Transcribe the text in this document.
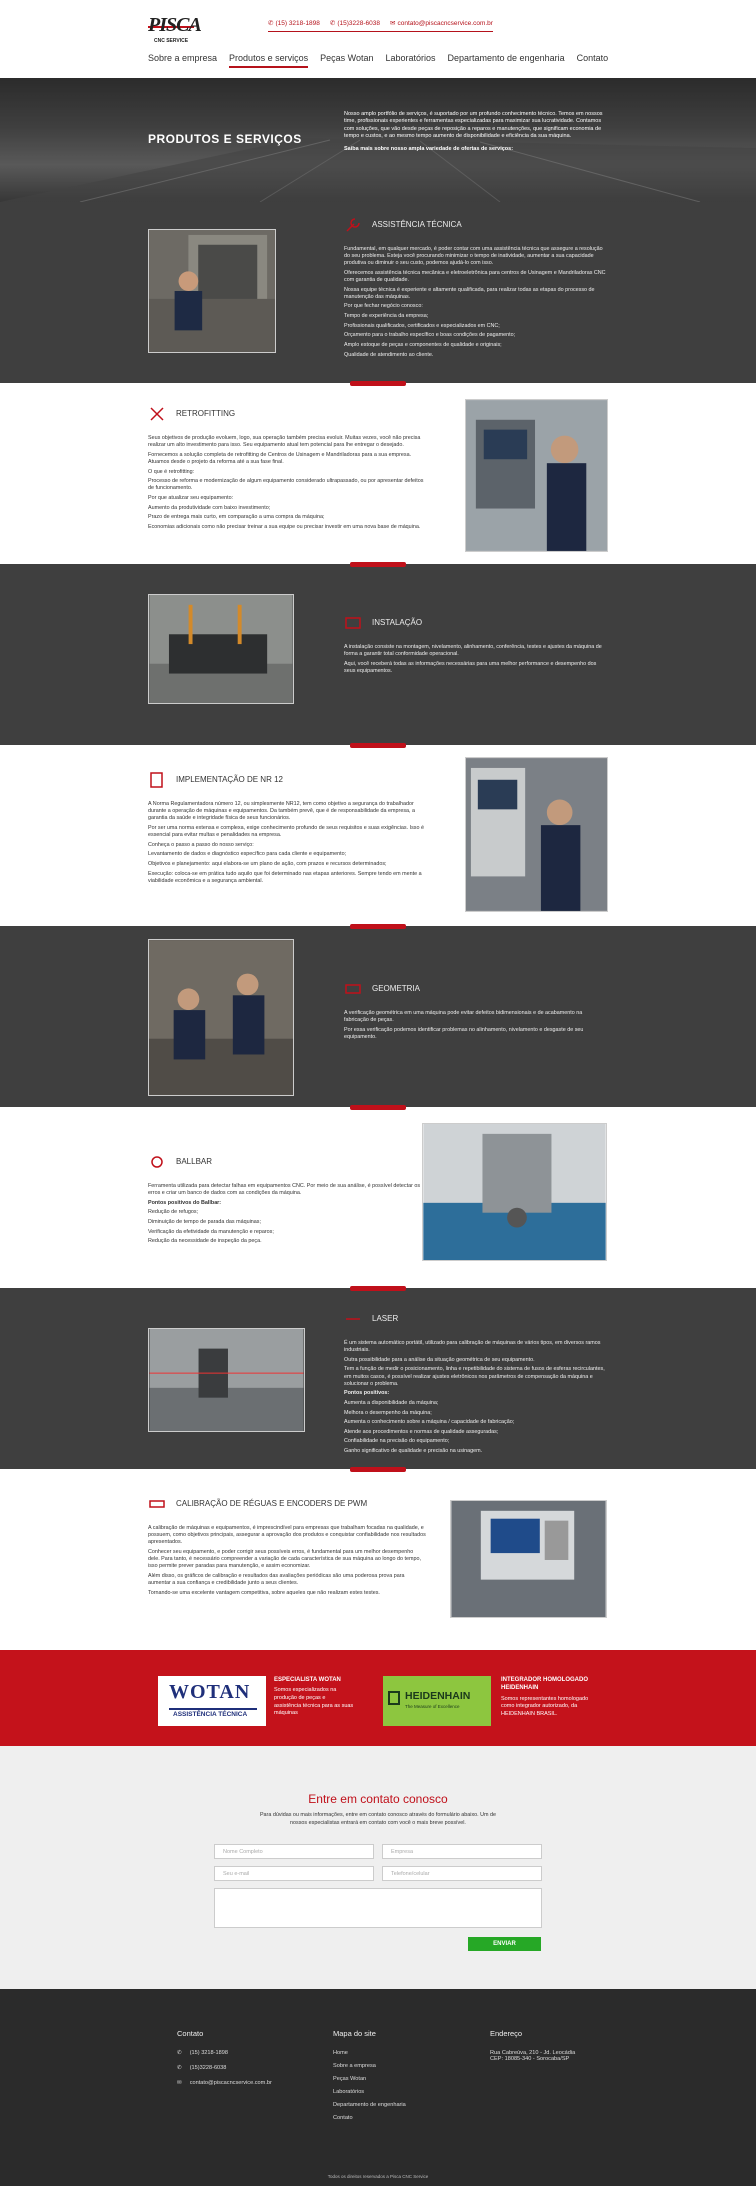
PISCA
CNC SERVICE
✆ (15) 3218-1898 ✆ (15)3228-6038 ✉ contato@piscacncservice.com.br
Sobre a empresa Produtos e serviços Peças Wotan Laboratórios Departamento de engenharia Contato
PRODUTOS E SERVIÇOS
Nosso amplo portfólio de serviços, é suportado por um profundo conhecimento técnico. Temos em nossos time, profissionais experientes e ferramentas especializadas para maximizar sua lucratividade. Contamos com soluções, que vão desde peças de reposição a reparos e manutenções, que significam economia de tempo e custos, e ao mesmo tempo aumento de disponibilidade e eficiência da sua máquina.
Saiba mais sobre nosso ampla variedade de ofertas de serviços:
ASSISTÊNCIA TÉCNICA

Fundamental, em qualquer mercado, é poder contar com uma assistência técnica que assegure a resolução do seu problema. Esteja você procurando minimizar o tempo de inatividade, aumentar a sua capacidade produtiva ou diminuir o seu custo, podemos ajudá-lo com isso.

Oferecemos assistência técnica mecânica e eletroeletrônica para centros de Usinagem e Mandriladoras CNC com garantia de qualidade.

Nossa equipe técnica é experiente e altamente qualificada, para realizar todas as etapas do processo de manutenção das máquinas.

Por que fechar negócio conosco:

Tempo de experiência da empresa;

Profissionais qualificados, certificados e especializados em CNC;

Orçamento para o trabalho específico e boas condições de pagamento;

Amplo estoque de peças e componentes de qualidade e originais;

Qualidade de atendimento ao cliente.

RETROFITTING

Seus objetivos de produção evoluem, logo, sua operação também precisa evoluir. Muitas vezes, você não precisa realizar um alto investimento para isso. Seu equipamento atual tem potencial para lhe entregar o desejado.

Fornecemos a solução completa de retrofitting de Centros de Usinagem e Mandriladoras para a sua empresa. Atuamos desde o projeto da reforma até a sua fase final.

O que é retrofitting:

Processo de reforma e modernização de algum equipamento considerado ultrapassado, ou por apresentar defeitos de funcionamento.

Por que atualizar seu equipamento:

Aumento da produtividade com baixo investimento;

Prazo de entrega mais curto, em comparação a uma compra da máquina;

Economias adicionais como não precisar treinar a sua equipe ou precisar investir em uma nova base de máquina.

INSTALAÇÃO

A instalação consiste na montagem, nivelamento, alinhamento, conferência, testes e ajustes da máquina de forma a garantir total conformidade operacional.

Aqui, você receberá todas as informações necessárias para uma melhor performance e desempenho dos seus equipamentos.

IMPLEMENTAÇÃO DE NR 12

A Norma Regulamentadora número 12, ou simplesmente NR12, tem como objetivo a segurança do trabalhador durante a operação de máquinas e equipamentos. Da também prevê, que é de responsabilidade da empresa, a garantia da saúde e integridade física de seus funcionários.

Por ser uma norma extensa e complexa, exige conhecimento profundo de seus requisitos e suas exigências. Isso é essencial para evitar multas e penalidades na empresa.

Conheça o passo a passo do nosso serviço:

Levantamento de dados e diagnóstico específico para cada cliente e equipamento;

Objetivos e planejamento: aqui elabora-se um plano de ação, com prazos e recursos determinados;

Execução: coloca-se em prática tudo aquilo que foi determinado nas etapas anteriores. Sempre tendo em mente a viabilidade econômica e a segurança ambiental.

GEOMETRIA

A verificação geométrica em uma máquina pode evitar defeitos bidimensionais e de acabamento na fabricação de peças.

Por essa verificação podemos identificar problemas no alinhamento, nivelamento e desgaste de seu equipamento.

BALLBAR

Ferramenta utilizada para detectar falhas em equipamentos CNC. Por meio de sua análise, é possível detectar os erros e criar um banco de dados com as condições da máquina.

Pontos positivos do Ballbar:

Redução de refugos;

Diminuição de tempo de parada das máquinas;

Verificação da efetividade da manutenção e reparos;

Redução da necessidade de inspeção da peça.

LASER

É um sistema automático portátil, utilizado para calibração de máquinas de vários tipos, em diversos ramos industriais.

Outra possibilidade para a análise da situação geométrica de seu equipamento.

Tem a função de medir o posicionamento, linha e repetibilidade do sistema de fusos de esferas recirculantes, em muitos casos, é possível realizar ajustes eletrônicos nos parâmetros de compensação da máquina e solucionar o problema.

Pontos positivos:

Aumenta a disponibilidade da máquina;

Melhora o desempenho da máquina;

Aumenta o conhecimento sobre a máquina / capacidade de fabricação;

Atende aos procedimentos e normas de qualidade asseguradas;

Confiabilidade na precisão do equipamento;

Ganho significativo de qualidade e precisão na usinagem.

CALIBRAÇÃO DE RÉGUAS E ENCODERS DE PWM

A calibração de máquinas e equipamentos, é imprescindível para empresas que trabalham focadas na qualidade, e possuem, como objetivos principais, assegurar a aprovação dos produtos e conquistar confiabilidade nos resultados apresentados.

Conhecer seu equipamento, e poder corrigir seus possíveis erros, é fundamental para um melhor desempenho dele. Para tanto, é necessário compreender a variação de cada característica de sua máquina ao longo do tempo, isso permite prever paradas para manutenção, e assim economizar.

Além disso, os gráficos de calibração e resultados das avaliações periódicas são uma poderosa prova para aumentar a sua confiança e credibilidade junto a seus clientes.

Tornando-se uma excelente vantagem competitiva, sobre aqueles que não realizam estes testes.

WOTAN
ASSISTÊNCIA TÉCNICA
ESPECIALISTA WOTAN
Somos especializados na produção de peças e assistência técnica para as suas máquinas
HEIDENHAIN
The Measure of Excellence
INTEGRADOR HOMOLOGADO HEIDENHAIN
Somos representantes homologado como integrador autorizado, da HEIDENHAIN BRASIL.
Entre em contato conosco
Para dúvidas ou mais informações, entre em contato conosco através do formulário abaixo. Um de nossos especialistas entrará em contato com você o mais breve possível.
Nome Completo	Empresa
Seu e-mail	Telefone/celular
ENVIAR
Contato
✆ (15) 3218-1898
✆ (15)3228-6038
✉ contato@piscacncservice.com.br
Mapa do site
Home
Sobre a empresa
Peças Wotan
Laboratórios
Departamento de engenharia
Contato
Endereço
Rua Cabreúva, 210 - Jd. Leocádia
CEP: 18085-340 - Sorocaba/SP
Todos os direitos reservados a Pisca CNC Service
